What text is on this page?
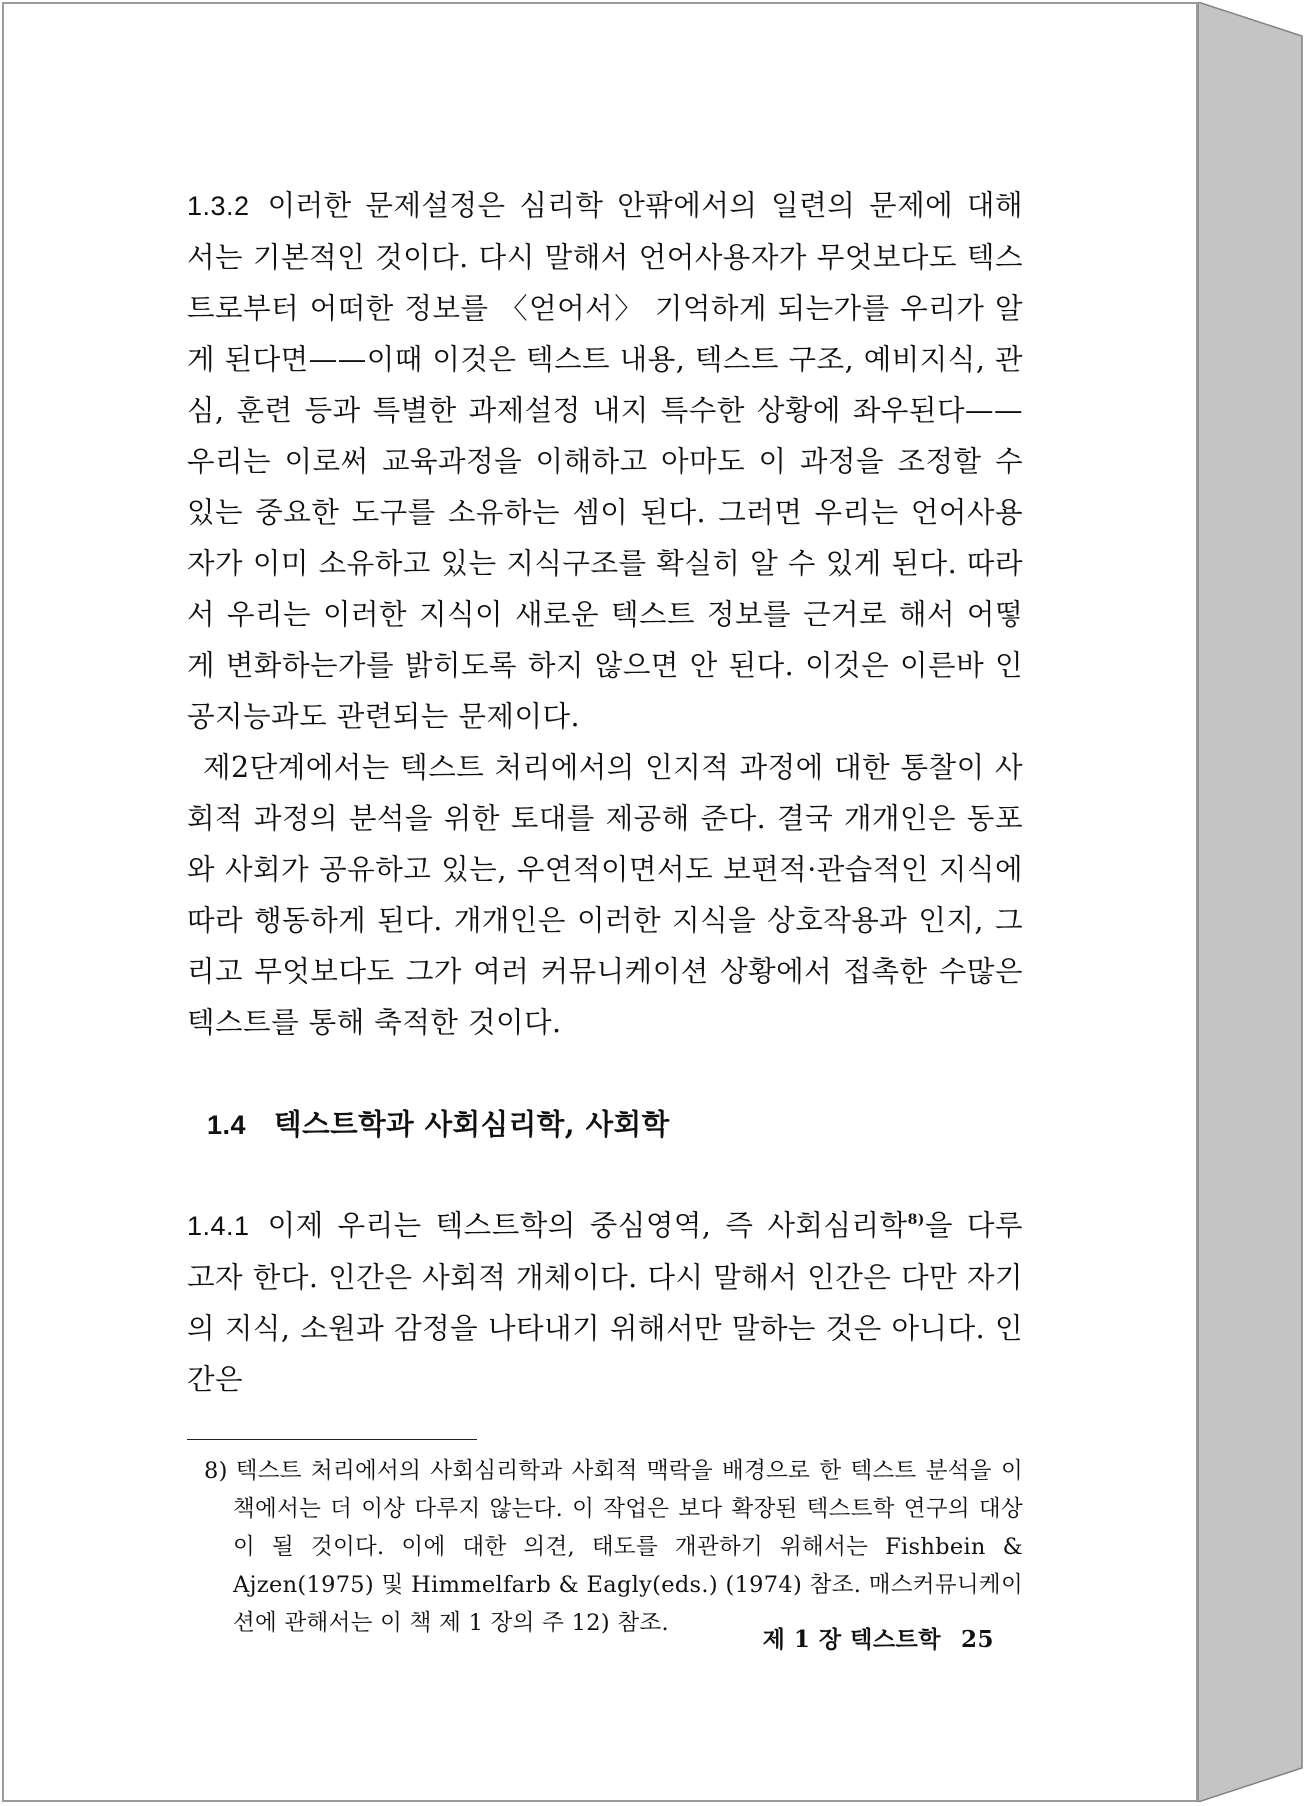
1.3.2 이러한 문제설정은 심리학 안팎에서의 일련의 문제에 대해서는 기본적인 것이다. 다시 말해서 언어사용자가 무엇보다도 텍스트로부터 어떠한 정보를 〈얻어서〉 기억하게 되는가를 우리가 알게 된다면——이때 이것은 텍스트 내용, 텍스트 구조, 예비지식, 관심, 훈련 등과 특별한 과제설정 내지 특수한 상황에 좌우된다——우리는 이로써 교육과정을 이해하고 아마도 이 과정을 조정할 수 있는 중요한 도구를 소유하는 셈이 된다. 그러면 우리는 언어사용자가 이미 소유하고 있는 지식구조를 확실히 알 수 있게 된다. 따라서 우리는 이러한 지식이 새로운 텍스트 정보를 근거로 해서 어떻게 변화하는가를 밝히도록 하지 않으면 안 된다. 이것은 이른바 인공지능과도 관련되는 문제이다.

제2단계에서는 텍스트 처리에서의 인지적 과정에 대한 통찰이 사회적 과정의 분석을 위한 토대를 제공해 준다. 결국 개개인은 동포와 사회가 공유하고 있는, 우연적이면서도 보편적·관습적인 지식에 따라 행동하게 된다. 개개인은 이러한 지식을 상호작용과 인지, 그리고 무엇보다도 그가 여러 커뮤니케이션 상황에서 접촉한 수많은 텍스트를 통해 축적한 것이다.

1.4 텍스트학과 사회심리학, 사회학

1.4.1 이제 우리는 텍스트학의 중심영역, 즉 사회심리학$^{8)}$을 다루고자 한다. 인간은 사회적 개체이다. 다시 말해서 인간은 다만 자기의 지식, 소원과 감정을 나타내기 위해서만 말하는 것은 아니다. 인간은

8) 텍스트 처리에서의 사회심리학과 사회적 맥락을 배경으로 한 텍스트 분석을 이 책에서는 더 이상 다루지 않는다. 이 작업은 보다 확장된 텍스트학 연구의 대상이 될 것이다. 이에 대한 의견, 태도를 개관하기 위해서는 Fishbein & Ajzen(1975) 및 Himmelfarb & Eagly(eds.) (1974) 참조. 매스커뮤니케이션에 관해서는 이 책 제 1 장의 주 12) 참조.

제 1 장 텍스트학 25
